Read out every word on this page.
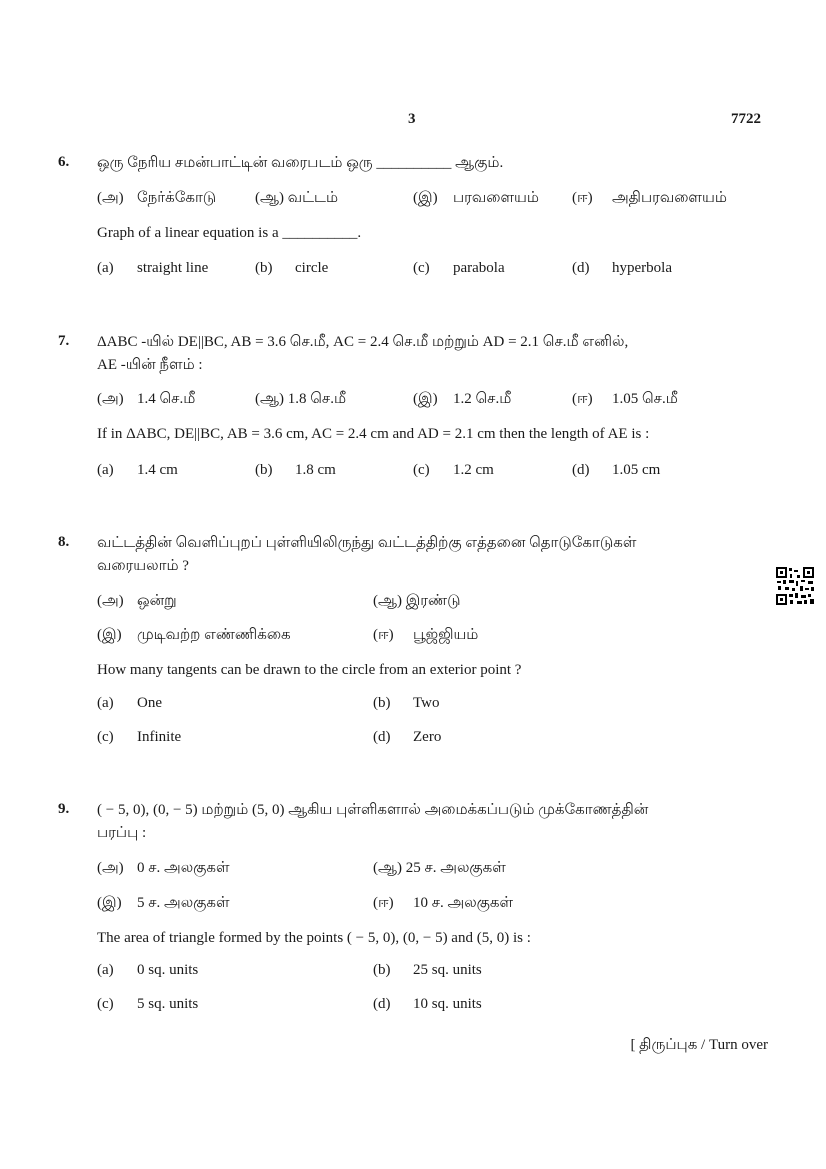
3	7722
6. ஒரு நேரிய சமன்பாட்டின் வரைபடம் ஒரு __________ ஆகும்.
(அ) நேர்க்கோடு	(ஆ) வட்டம்	(இ) பரவளையம் (ஈ) அதிபரவளையம்
Graph of a linear equation is a __________.
(a) straight line	(b) circle	(c) parabola	(d) hyperbola
7. ΔABC -யில் DE||BC, AB = 3.6 செ.மீ, AC = 2.4 செ.மீ மற்றும் AD = 2.1 செ.மீ எனில்,
AE -யின் நீளம் :
(அ) 1.4 செ.மீ	(ஆ) 1.8 செ.மீ	(இ) 1.2 செ.மீ	(ஈ) 1.05 செ.மீ
If in ΔABC, DE||BC, AB = 3.6 cm, AC = 2.4 cm and AD = 2.1 cm then the length of AE is :
(a) 1.4 cm	(b) 1.8 cm	(c) 1.2 cm	(d) 1.05 cm
8. வட்டத்தின் வெளிப்புறப் புள்ளியிலிருந்து வட்டத்திற்கு எத்தனை தொடுகோடுகள்
வரையலாம் ?
(அ) ஒன்று	(ஆ) இரண்டு
(இ) முடிவற்ற எண்ணிக்கை	(ஈ) பூஜ்ஜியம்
How many tangents can be drawn to the circle from an exterior point ?
(a) One	(b) Two
(c) Infinite	(d) Zero
9. ( − 5, 0), (0, − 5) மற்றும் (5, 0) ஆகிய புள்ளிகளால் அமைக்கப்படும் முக்கோணத்தின்
பரப்பு :
(அ) 0 ச. அலகுகள்	(ஆ) 25 ச. அலகுகள்
(இ) 5 ச. அலகுகள்	(ஈ) 10 ச. அலகுகள்
The area of triangle formed by the points ( − 5, 0), (0, − 5) and (5, 0) is :
(a) 0 sq. units	(b) 25 sq. units
(c) 5 sq. units	(d) 10 sq. units
[ திருப்புக / Turn over
